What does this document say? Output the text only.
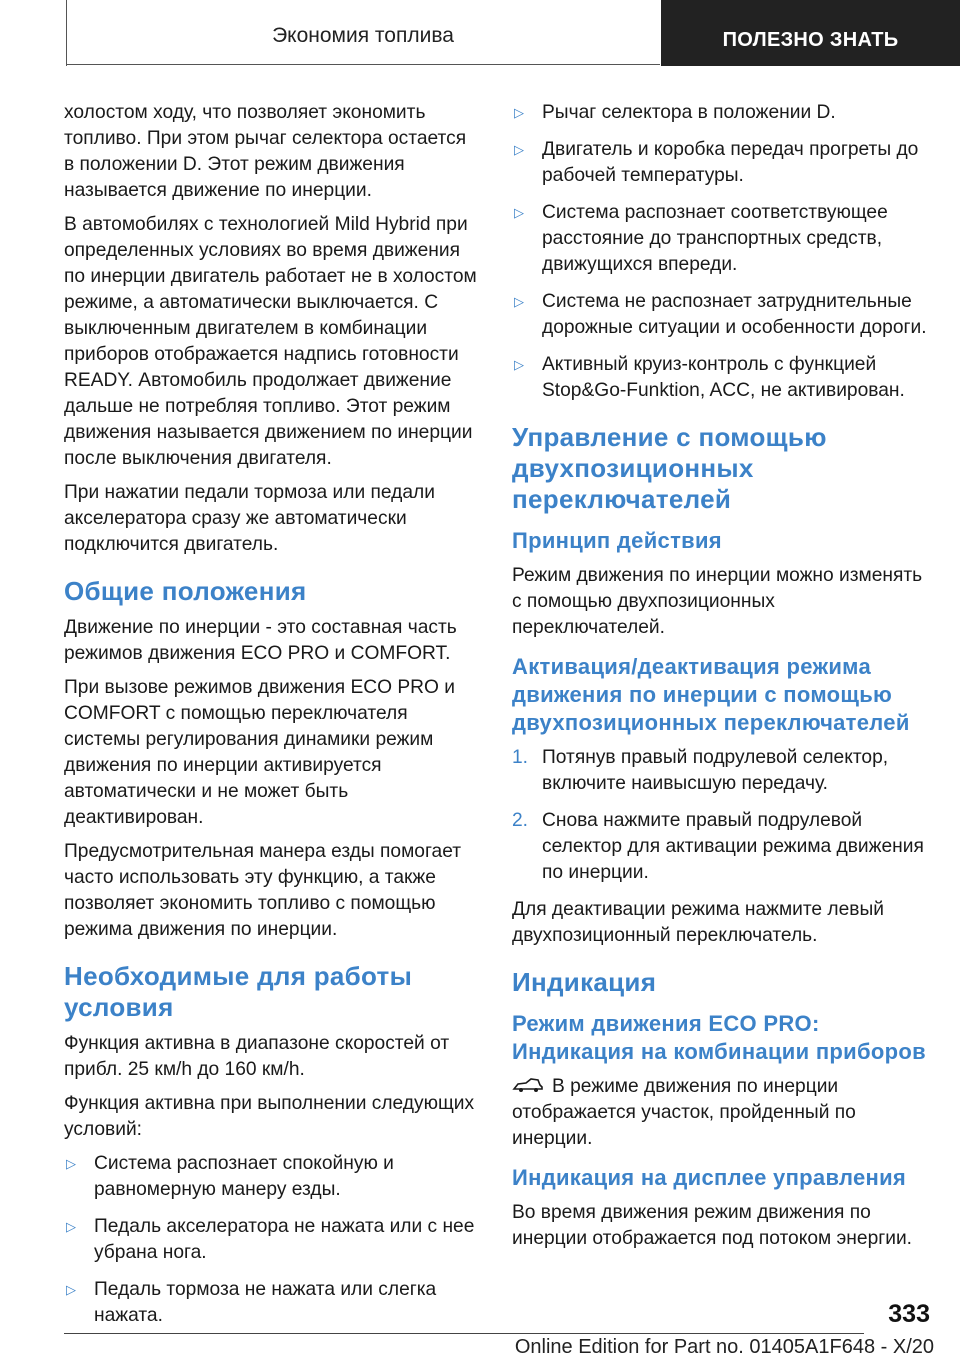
Экономия топлива	ПОЛЕЗНО ЗНАТЬ

холостом ходу, что позволяет экономить топливо. При этом рычаг селектора остается в положении D. Этот режим движения называется движение по инерции.

В автомобилях с технологией Mild Hybrid при определенных условиях во время движения по инерции двигатель работает не в холостом режиме, а автоматически выключается. С выключенным двигателем в комбинации приборов отображается надпись готовности READY. Автомобиль продолжает движение дальше не потребляя топливо. Этот режим движения называется движением по инерции после выключения двигателя.

При нажатии педали тормоза или педали акселератора сразу же автоматически подключится двигатель.

Общие положения

Движение по инерции - это составная часть режимов движения ECO PRO и COMFORT.

При вызове режимов движения ECO PRO и COMFORT с помощью переключателя системы регулирования динамики режим движения по инерции активируется автоматически и не может быть деактивирован.

Предусмотрительная манера езды помогает часто использовать эту функцию, а также позволяет экономить топливо с помощью режима движения по инерции.

Необходимые для работы условия

Функция активна в диапазоне скоростей от прибл. 25 км/h до 160 км/h.

Функция активна при выполнении следующих условий:

▷ Система распознает спокойную и равномерную манеру езды.
▷ Педаль акселератора не нажата или с нее убрана нога.
▷ Педаль тормоза не нажата или слегка нажата.
▷ Рычаг селектора в положении D.
▷ Двигатель и коробка передач прогреты до рабочей температуры.
▷ Система распознает соответствующее расстояние до транспортных средств, движущихся впереди.
▷ Система не распознает затруднительные дорожные ситуации и особенности дороги.
▷ Активный круиз-контроль с функцией Stop&Go-Funktion, ACC, не активирован.
Управление с помощью двухпозиционных переключателей
Принцип действия

Режим движения по инерции можно изменять с помощью двухпозиционных переключателей.

Активация/деактивация режима движения по инерции с помощью двухпозиционных переключателей
1. Потянув правый подрулевой селектор, включите наивысшую передачу.
2. Снова нажмите правый подрулевой селектор для активации режима движения по инерции.

Для деактивации режима нажмите левый двухпозиционный переключатель.

Индикация
Режим движения ECO PRO: Индикация на комбинации приборов

В режиме движения по инерции отображается участок, пройденный по инерции.

Индикация на дисплее управления

Во время движения режим движения по инерции отображается под потоком энергии.

333
Online Edition for Part no. 01405A1F648 - X/20
